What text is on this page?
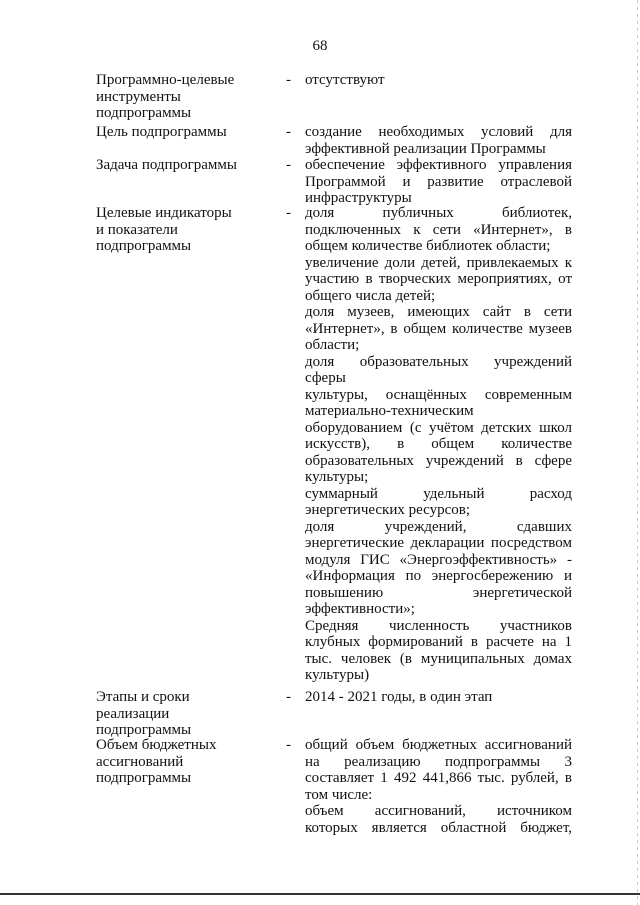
68
Программно-целевые
инструменты
подпрограммы
- отсутствуют
Цель подпрограммы	- создание необходимых условий для
эффективной реализации Программы
Задача подпрограммы	- обеспечение эффективного управления
Программой и развитие отраслевой
инфраструктуры
Целевые индикаторы
и показатели
подпрограммы
- доля публичных библиотек,
подключенных к сети «Интернет», в
общем количестве библиотек области;
увеличение доли детей, привлекаемых к
участию в творческих мероприятиях, от
общего числа детей;
доля музеев, имеющих сайт в сети
«Интернет», в общем количестве музеев
области;
доля образовательных учреждений сферы
культуры, оснащённых современным
материально-техническим
оборудованием (с учётом детских школ
искусств), в общем количестве
образовательных учреждений в сфере
культуры;
суммарный удельный расход
энергетических ресурсов;
доля учреждений, сдавших
энергетические декларации посредством
модуля ГИС «Энергоэффективность» -
«Информация по энергосбережению и
повышению энергетической
эффективности»;
Средняя численность участников
клубных формирований в расчете на 1
тыс. человек (в муниципальных домах
культуры)
Этапы и сроки
реализации
подпрограммы
- 2014 - 2021 годы, в один этап
Объем бюджетных
ассигнований
подпрограммы
- общий объем бюджетных ассигнований
на реализацию подпрограммы 3
составляет 1 492 441,866 тыс. рублей, в
том числе:
объем ассигнований, источником
которых является областной бюджет,
